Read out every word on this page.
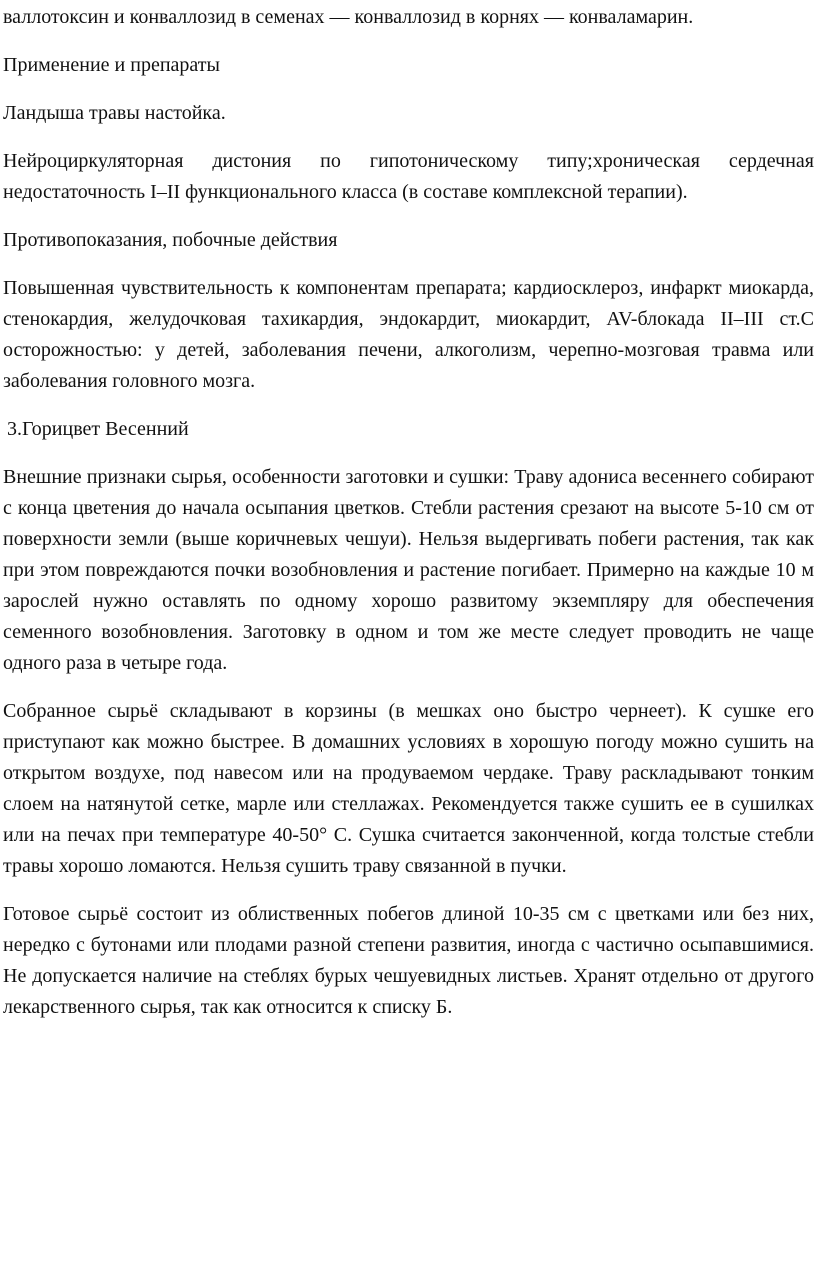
валлотоксин и конваллозид в семенах — конваллозид в корнях — конваламарин.

Применение и препараты

Ландыша травы настойка.

Нейроциркуляторная дистония по гипотоническому типу;хроническая сердечная недостаточность I–II функционального класса (в составе комплексной терапии).

Противопоказания, побочные действия

Повышенная чувствительность к компонентам препарата; кардиосклероз, инфаркт миокарда, стенокардия, желудочковая тахикардия, эндокардит, миокардит, AV-блокада II–III ст.С осторожностью: у детей, заболевания печени, алкоголизм, черепно-мозговая травма или заболевания головного мозга.

3.Горицвет Весенний

Внешние признаки сырья, особенности заготовки и сушки: Траву адониса весеннего собирают с конца цветения до начала осыпания цветков. Стебли растения срезают на высоте 5-10 см от поверхности земли (выше коричневых чешуи). Нельзя выдергивать побеги растения, так как при этом повреждаются почки возобновления и растение погибает. Примерно на каждые 10 м зарослей нужно оставлять по одному хорошо развитому экземпляру для обеспечения семенного возобновления. Заготовку в одном и том же месте следует проводить не чаще одного раза в четыре года.

Собранное сырьё складывают в корзины (в мешках оно быстро чернеет). К сушке его приступают как можно быстрее. В домашних условиях в хорошую погоду можно сушить на открытом воздухе, под навесом или на продуваемом чердаке. Траву раскладывают тонким слоем на натянутой сетке, марле или стеллажах. Рекомендуется также сушить ее в сушилках или на печах при температуре 40-50° С. Сушка считается законченной, когда толстые стебли травы хорошо ломаются. Нельзя сушить траву связанной в пучки.

Готовое сырьё состоит из облиственных побегов длиной 10-35 см с цветками или без них, нередко с бутонами или плодами разной степени развития, иногда с частично осыпавшимися. Не допускается наличие на стеблях бурых чешуевидных листьев. Хранят отдельно от другого лекарственного сырья, так как относится к списку Б.
